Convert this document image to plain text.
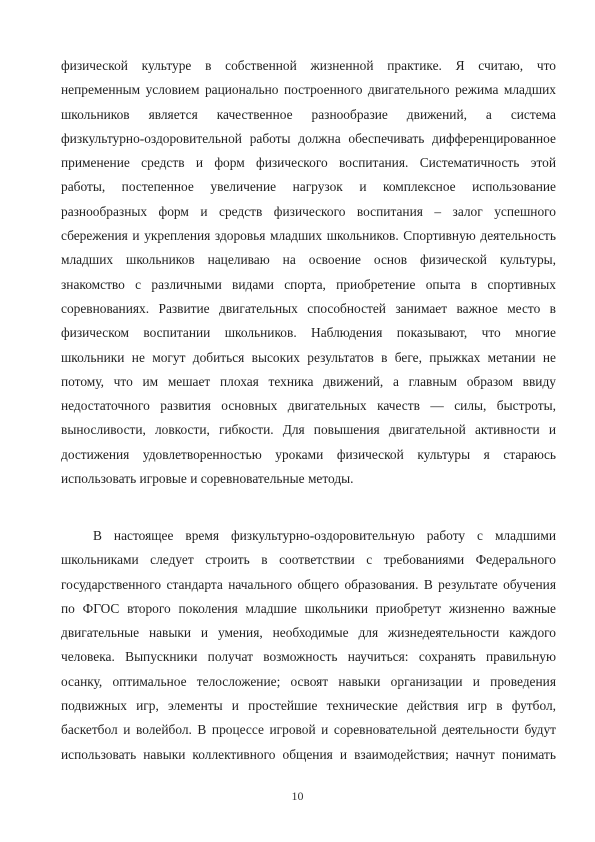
физической культуре в собственной жизненной практике. Я считаю, что
непременным условием рационально построенного двигательного режима младших
школьников является качественное разнообразие движений, а система
физкультурно-оздоровительной работы должна обеспечивать дифференцированное
применение средств и форм физического воспитания. Систематичность этой
работы, постепенное увеличение нагрузок и комплексное использование
разнообразных форм и средств физического воспитания – залог успешного
сбережения и укрепления здоровья младших школьников. Спортивную деятельность
младших школьников нацеливаю на освоение основ физической культуры,
знакомство с различными видами спорта, приобретение опыта в спортивных
соревнованиях. Развитие двигательных способностей занимает важное место в
физическом воспитании школьников. Наблюдения показывают, что многие
школьники не могут добиться высоких результатов в беге, прыжках метании не
потому, что им мешает плохая техника движений, а главным образом ввиду
недостаточного развития основных двигательных качеств — силы, быстроты,
выносливости, ловкости, гибкости. Для повышения двигательной активности и
достижения удовлетворенностью уроками физической культуры я стараюсь
использовать игровые и соревновательные методы.
В настоящее время физкультурно-оздоровительную работу с младшими
школьниками следует строить в соответствии с требованиями Федерального
государственного стандарта начального общего образования. В результате обучения
по ФГОС второго поколения младшие школьники приобретут жизненно важные
двигательные навыки и умения, необходимые для жизнедеятельности каждого
человека. Выпускники получат возможность научиться: сохранять правильную
осанку, оптимальное телосложение; освоят навыки организации и проведения
подвижных игр, элементы и простейшие технические действия игр в футбол,
баскетбол и волейбол. В процессе игровой и соревновательной деятельности будут
использовать навыки коллективного общения и взаимодействия; начнут понимать
10
